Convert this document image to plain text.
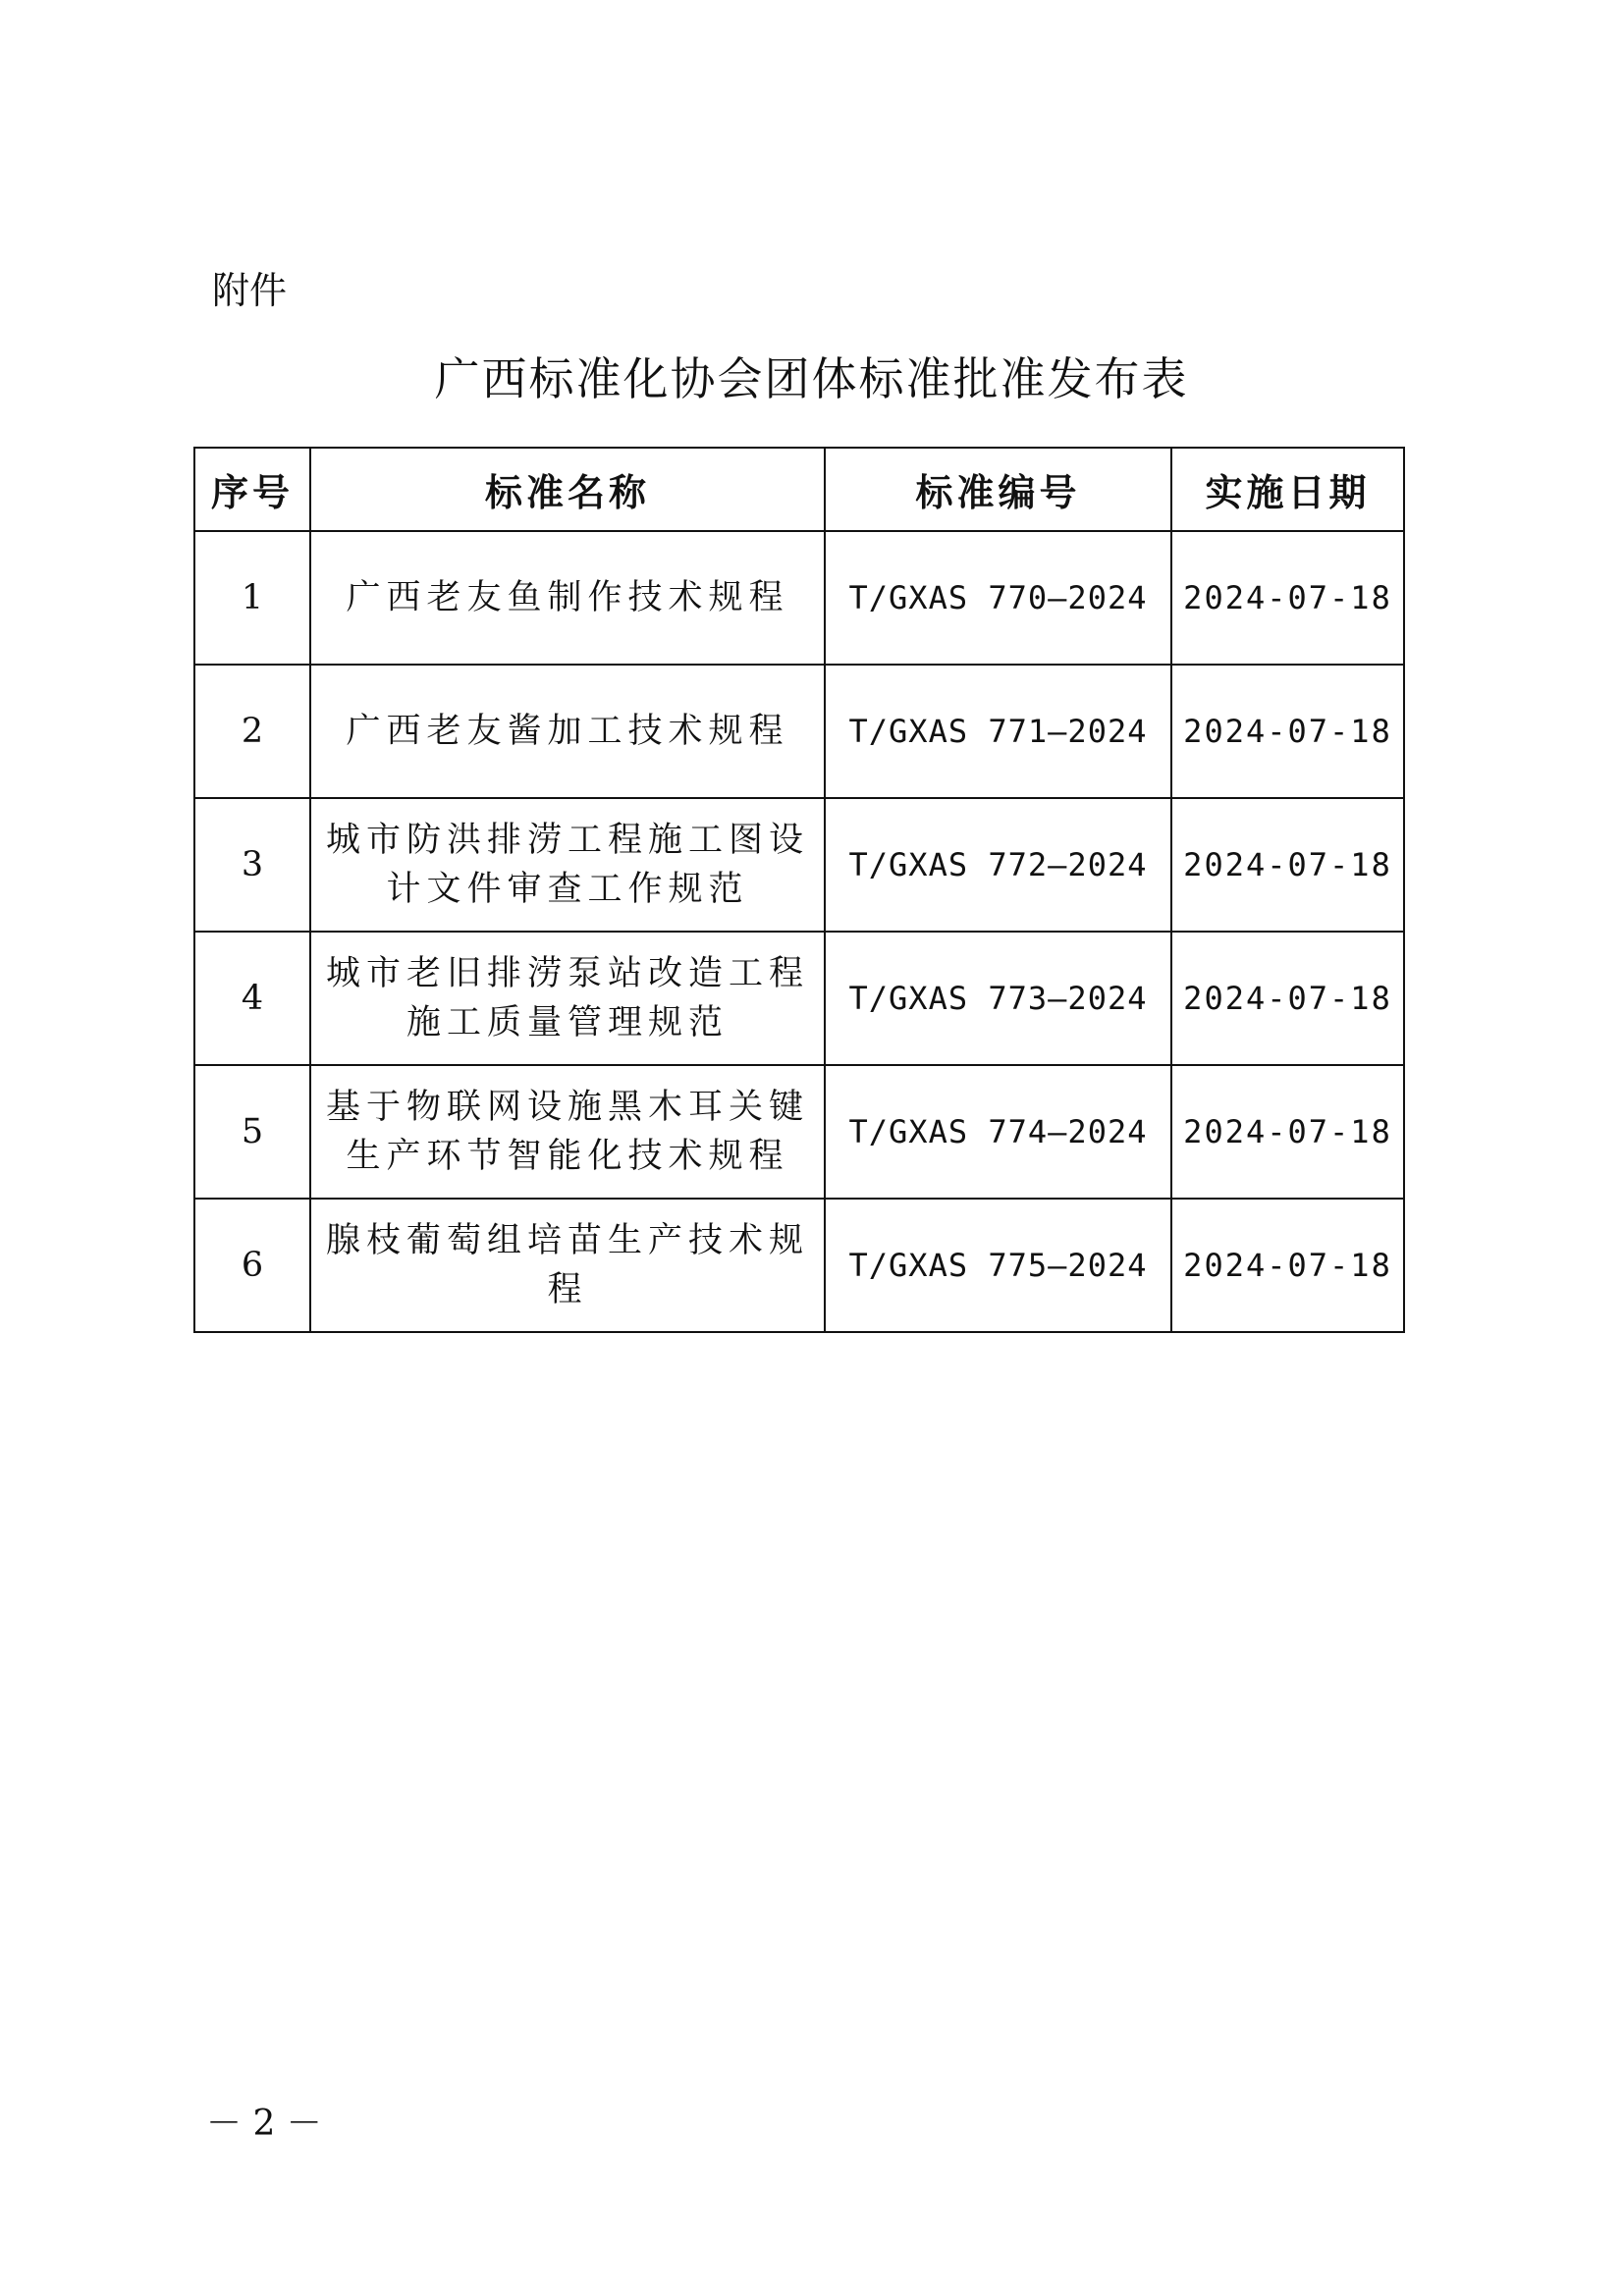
附件
广西标准化协会团体标准批准发布表
序号	标准名称	标准编号	实施日期
1	广西老友鱼制作技术规程	T/GXAS 770—2024	2024-07-18
2	广西老友酱加工技术规程	T/GXAS 771—2024	2024-07-18
3	城市防洪排涝工程施工图设计文件审查工作规范	T/GXAS 772—2024	2024-07-18
4	城市老旧排涝泵站改造工程施工质量管理规范	T/GXAS 773—2024	2024-07-18
5	基于物联网设施黑木耳关键生产环节智能化技术规程	T/GXAS 774—2024	2024-07-18
6	腺枝葡萄组培苗生产技术规程	T/GXAS 775—2024	2024-07-18
－ 2 －
